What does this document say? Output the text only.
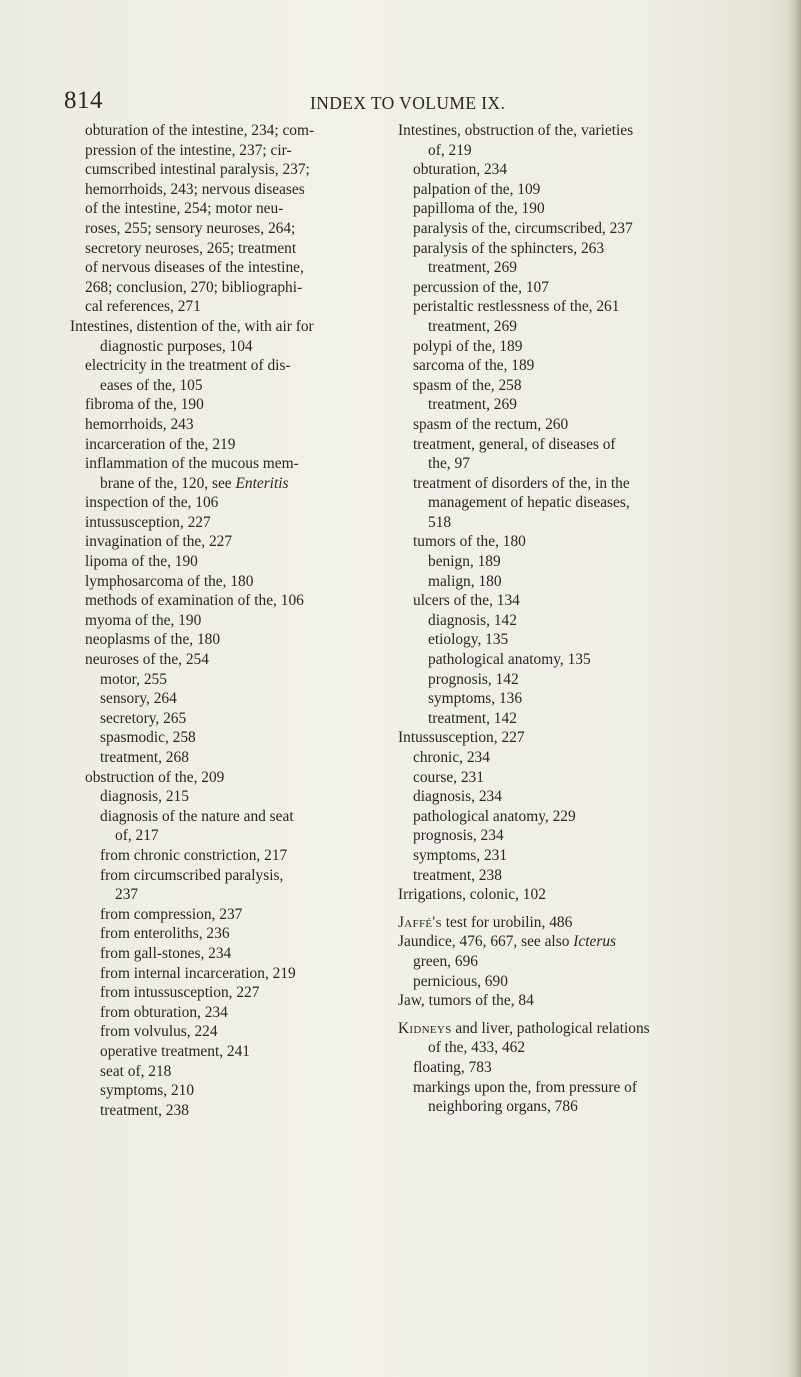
814	INDEX TO VOLUME IX.
obturation of the intestine, 234; com-
pression of the intestine, 237; cir-
cumscribed intestinal paralysis, 237;
hemorrhoids, 243; nervous diseases
of the intestine, 254; motor neu-
roses, 255; sensory neuroses, 264;
secretory neuroses, 265; treatment
of nervous diseases of the intestine,
268; conclusion, 270; bibliographi-
cal references, 271
Intestines, distention of the, with air for
diagnostic purposes, 104
electricity in the treatment of dis-
eases of the, 105
fibroma of the, 190
hemorrhoids, 243
incarceration of the, 219
inflammation of the mucous mem-
brane of the, 120, see Enteritis
inspection of the, 106
intussusception, 227
invagination of the, 227
lipoma of the, 190
lymphosarcoma of the, 180
methods of examination of the, 106
myoma of the, 190
neoplasms of the, 180
neuroses of the, 254
motor, 255
sensory, 264
secretory, 265
spasmodic, 258
treatment, 268
obstruction of the, 209
diagnosis, 215
diagnosis of the nature and seat
of, 217
from chronic constriction, 217
from circumscribed paralysis,
237
from compression, 237
from enteroliths, 236
from gall-stones, 234
from internal incarceration, 219
from intussusception, 227
from obturation, 234
from volvulus, 224
operative treatment, 241
seat of, 218
symptoms, 210
treatment, 238
Intestines, obstruction of the, varieties
of, 219
obturation, 234
palpation of the, 109
papilloma of the, 190
paralysis of the, circumscribed, 237
paralysis of the sphincters, 263
treatment, 269
percussion of the, 107
peristaltic restlessness of the, 261
treatment, 269
polypi of the, 189
sarcoma of the, 189
spasm of the, 258
treatment, 269
spasm of the rectum, 260
treatment, general, of diseases of
the, 97
treatment of disorders of the, in the
management of hepatic diseases,
518
tumors of the, 180
benign, 189
malign, 180
ulcers of the, 134
diagnosis, 142
etiology, 135
pathological anatomy, 135
prognosis, 142
symptoms, 136
treatment, 142
Intussusception, 227
chronic, 234
course, 231
diagnosis, 234
pathological anatomy, 229
prognosis, 234
symptoms, 231
treatment, 238
Irrigations, colonic, 102
Jaffé's test for urobilin, 486
Jaundice, 476, 667, see also Icterus
green, 696
pernicious, 690
Jaw, tumors of the, 84
Kidneys and liver, pathological relations
of the, 433, 462
floating, 783
markings upon the, from pressure of
neighboring organs, 786
